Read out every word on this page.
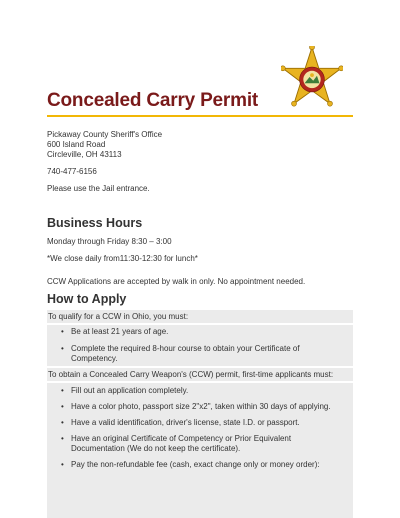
Concealed Carry Permit
Pickaway County Sheriff's Office
600 Island Road
Circleville, OH 43113
740-477-6156
Please use the Jail entrance.
Business Hours
Monday through Friday 8:30 – 3:00
*We close daily from11:30-12:30 for lunch*
CCW Applications are accepted by walk in only. No appointment needed.
How to Apply
To qualify for a CCW in Ohio, you must:
• Be at least 21 years of age.
• Complete the required 8-hour course to obtain your Certificate of
Competency.
To obtain a Concealed Carry Weapon's (CCW) permit, first-time applicants must:
• Fill out an application completely.
• Have a color photo, passport size 2"x2", taken within 30 days of applying.
• Have a valid identification, driver's license, state I.D. or passport.
• Have an original Certificate of Competency or Prior Equivalent
Documentation (We do not keep the certificate).
• Pay the non-refundable fee (cash, exact change only or money order):
